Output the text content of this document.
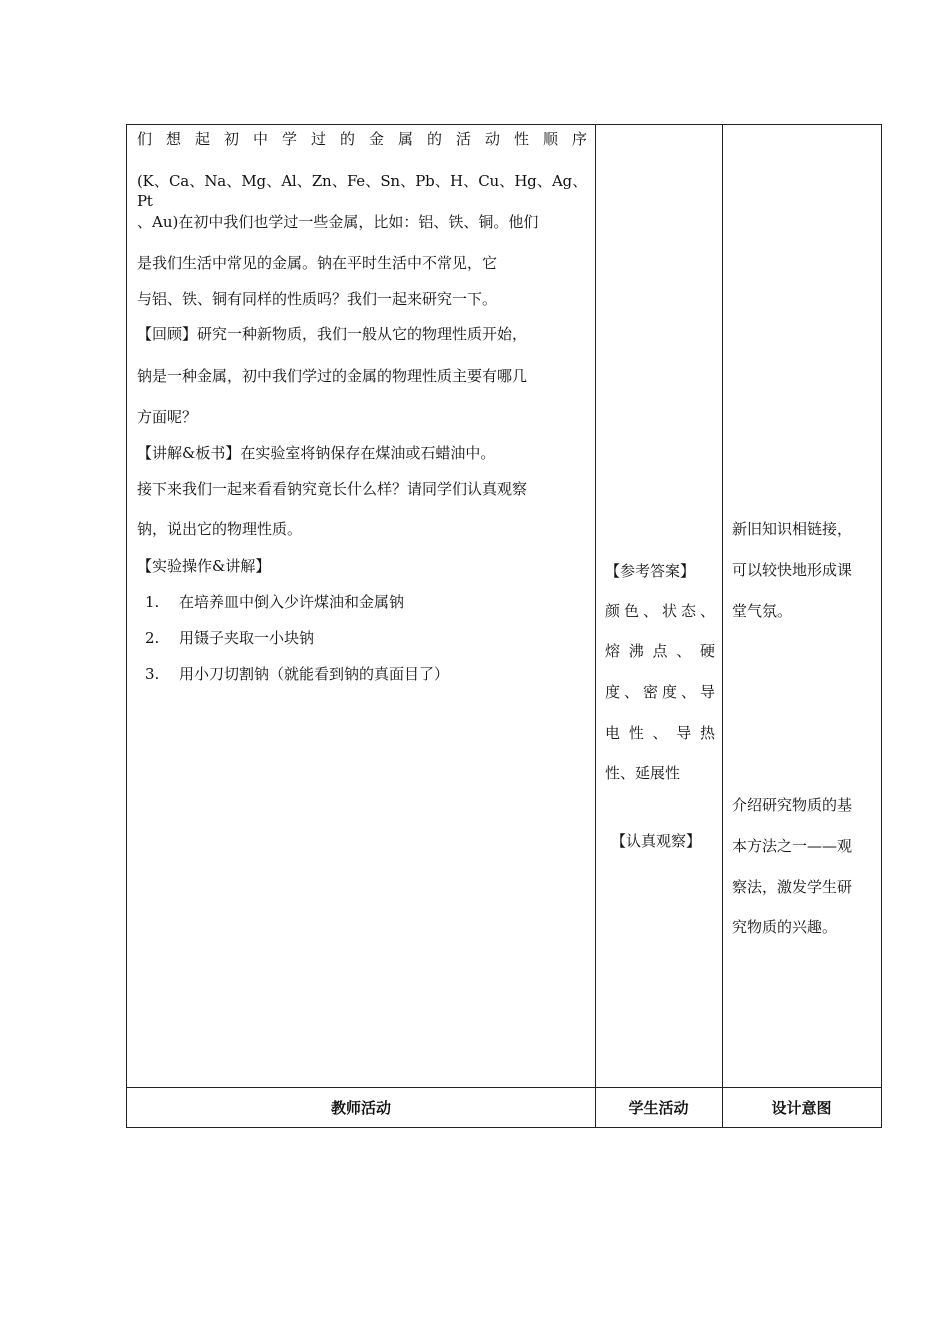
们想起初中学过的金属的活动性顺序
(K、Ca、Na、Mg、Al、Zn、Fe、Sn、Pb、H、Cu、Hg、Ag、Pt
、Au)在初中我们也学过一些金属，比如：铝、铁、铜。他们
是我们生活中常见的金属。钠在平时生活中不常见，它
与铝、铁、铜有同样的性质吗？我们一起来研究一下。
【回顾】研究一种新物质，我们一般从它的物理性质开始，
钠是一种金属，初中我们学过的金属的物理性质主要有哪几
方面呢？
【讲解&板书】在实验室将钠保存在煤油或石蜡油中。
接下来我们一起来看看钠究竟长什么样？请同学们认真观察
钠，说出它的物理性质。
【实验操作&讲解】
1. 在培养皿中倒入少许煤油和金属钠
2. 用镊子夹取一小块钠
3. 用小刀切割钠（就能看到钠的真面目了）
【参考答案】
颜色、状态、
熔沸点、硬
度、密度、导
电性、导热
性、延展性
【认真观察】
新旧知识相链接，
可以较快地形成课
堂气氛。
介绍研究物质的基
本方法之一——观
察法，激发学生研
究物质的兴趣。
教师活动	学生活动	设计意图
